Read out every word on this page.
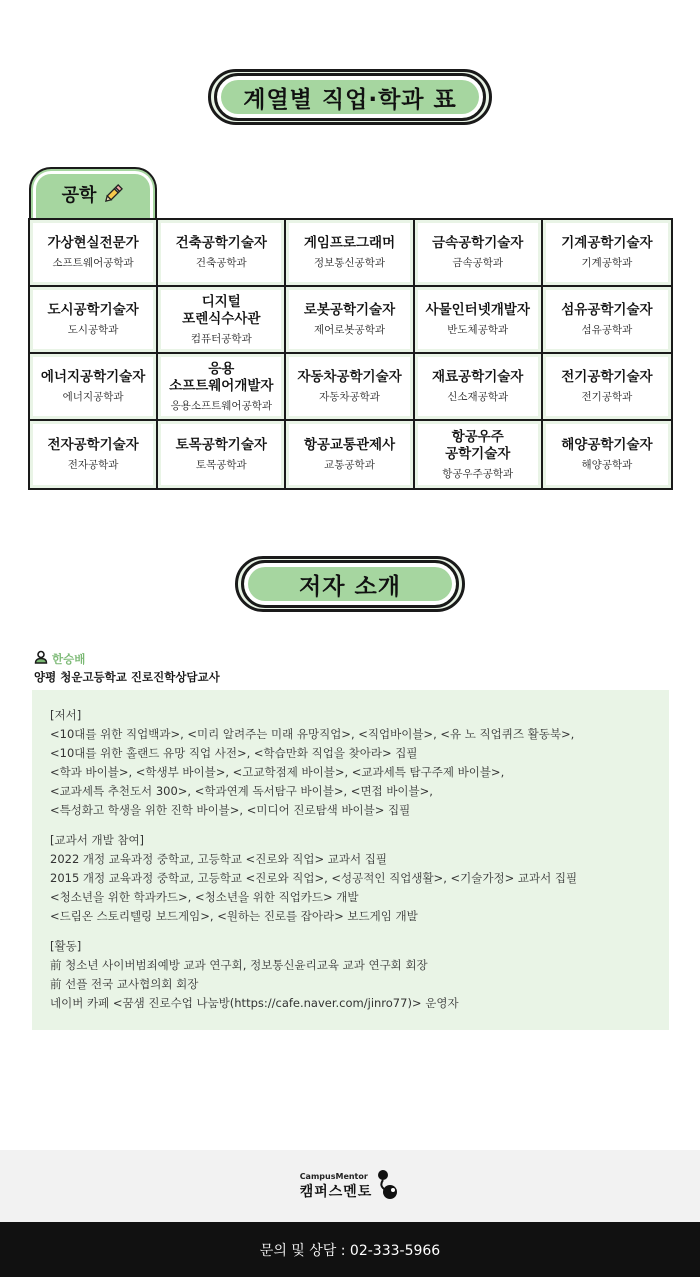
계열별 직업·학과 표
공학
가상현실전문가
소프트웨어공학과
건축공학기술자
건축공학과
게임프로그래머
정보통신공학과
금속공학기술자
금속공학과
기계공학기술자
기계공학과
도시공학기술자
도시공학과
디지털
포렌식수사관
컴퓨터공학과
로봇공학기술자
제어로봇공학과
사물인터넷개발자
반도체공학과
섬유공학기술자
섬유공학과
에너지공학기술자
에너지공학과
응용
소프트웨어개발자
응용소프트웨어공학과
자동차공학기술자
자동차공학과
재료공학기술자
신소재공학과
전기공학기술자
전기공학과
전자공학기술자
전자공학과
토목공학기술자
토목공학과
항공교통관제사
교통공학과
항공우주
공학기술자
항공우주공학과
해양공학기술자
해양공학과
저자 소개
한승배
양평 청운고등학교 진로진학상담교사
[저서]
<10대를 위한 직업백과>, <미리 알려주는 미래 유망직업>, <직업바이블>, <유 노 직업퀴즈 활동북>,
<10대를 위한 홀랜드 유망 직업 사전>, <학습만화 직업을 찾아라> 집필
<학과 바이블>, <학생부 바이블>, <고교학점제 바이블>, <교과세특 탐구주제 바이블>,
<교과세특 추천도서 300>, <학과연계 독서탐구 바이블>, <면접 바이블>,
<특성화고 학생을 위한 진학 바이블>, <미디어 진로탐색 바이블> 집필
[교과서 개발 참여]
2022 개정 교육과정 중학교, 고등학교 <진로와 직업> 교과서 집필
2015 개정 교육과정 중학교, 고등학교 <진로와 직업>, <성공적인 직업생활>, <기술가정> 교과서 집필
<청소년을 위한 학과카드>, <청소년을 위한 직업카드> 개발
<드림온 스토리텔링 보드게임>, <원하는 진로를 잡아라> 보드게임 개발
[활동]
前 청소년 사이버범죄예방 교과 연구회, 정보통신윤리교육 교과 연구회 회장
前 선플 전국 교사협의회 회장
네이버 카페 <꿈샘 진로수업 나눔방(https://cafe.naver.com/jinro77)> 운영자
CampusMentor
캠퍼스멘토
문의 및 상담 : 02-333-5966
